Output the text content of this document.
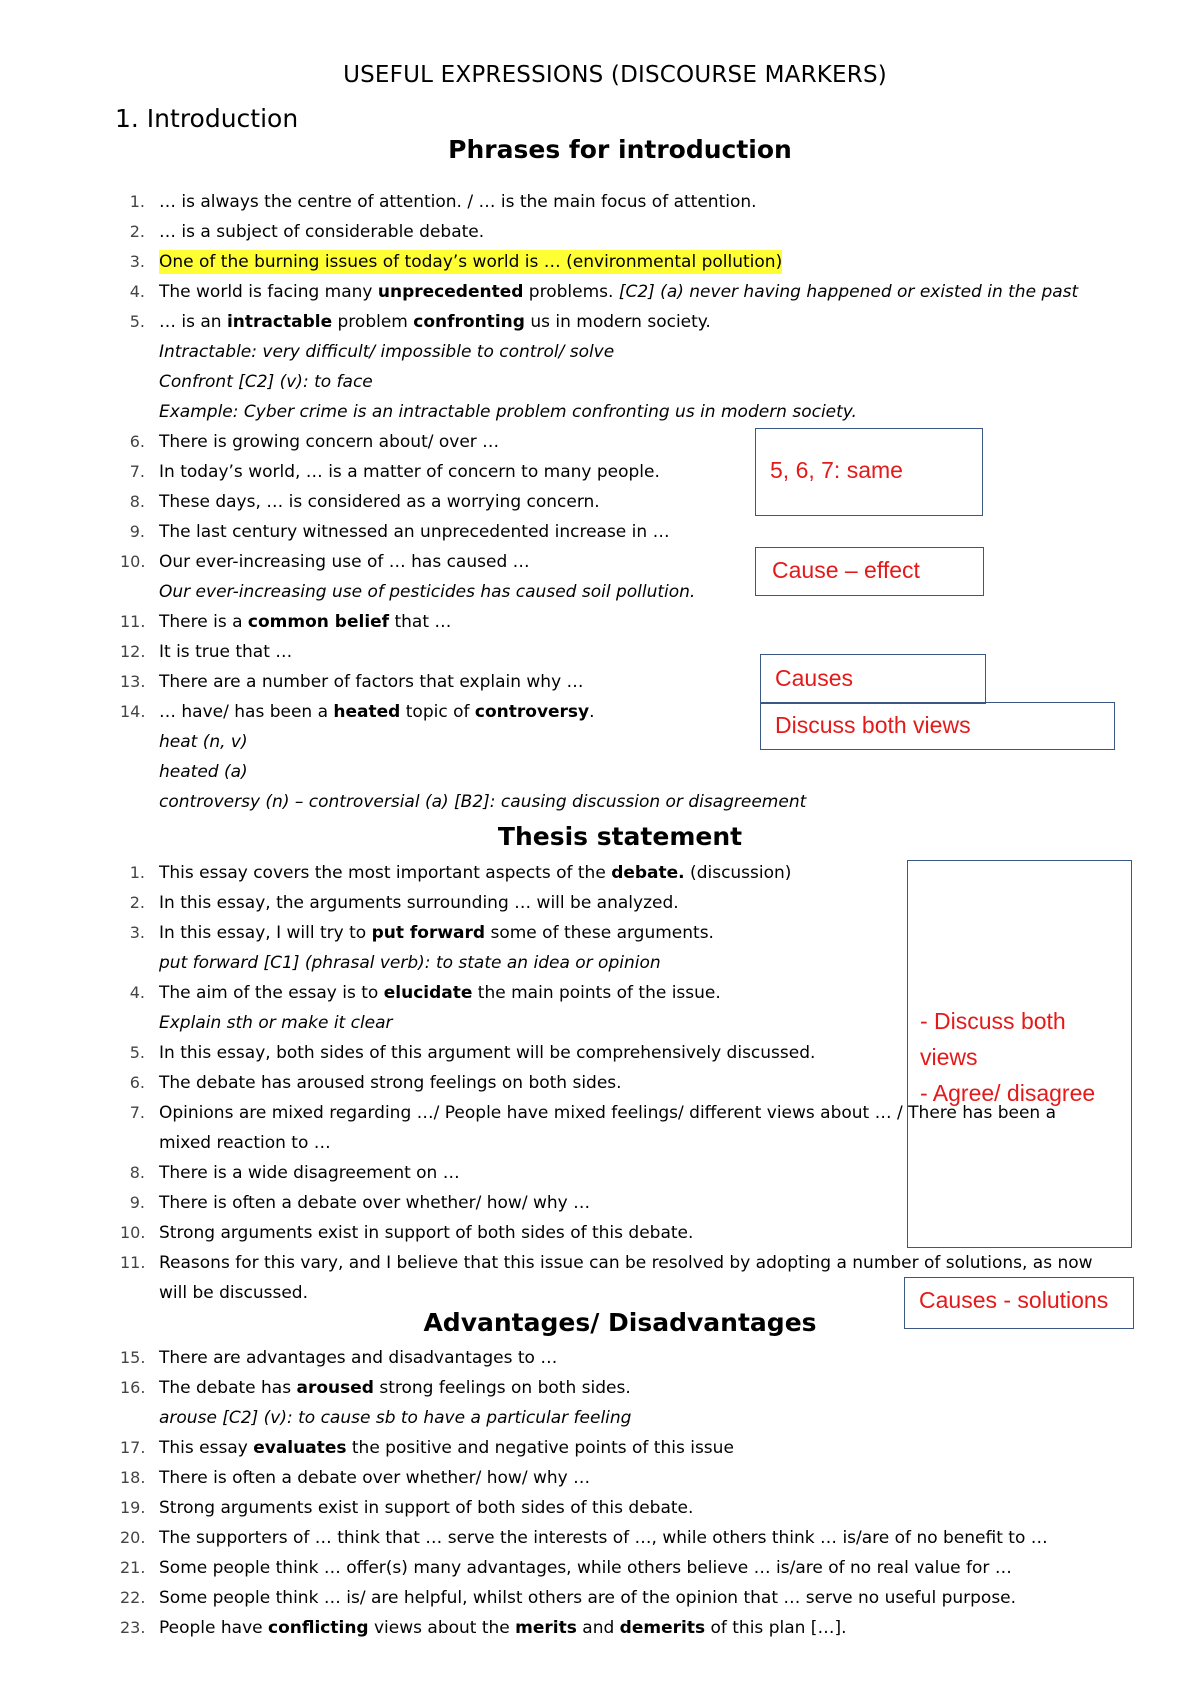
USEFUL EXPRESSIONS (DISCOURSE MARKERS)
1. Introduction
Phrases for introduction
1. … is always the centre of attention. / … is the main focus of attention.
2. … is a subject of considerable debate.
3. One of the burning issues of today’s world is … (environmental pollution)
4. The world is facing many unprecedented problems. [C2] (a) never having happened or existed in the past
5. … is an intractable problem confronting us in modern society.
Intractable: very difficult/ impossible to control/ solve
Confront [C2] (v): to face
Example: Cyber crime is an intractable problem confronting us in modern society.
6. There is growing concern about/ over …
7. In today’s world, … is a matter of concern to many people.
8. These days, … is considered as a worrying concern.
9. The last century witnessed an unprecedented increase in …
10. Our ever-increasing use of … has caused …
Our ever-increasing use of pesticides has caused soil pollution.
11. There is a common belief that …
12. It is true that …
13. There are a number of factors that explain why …
14. … have/ has been a heated topic of controversy.
heat (n, v)
heated (a)
controversy (n) – controversial (a) [B2]: causing discussion or disagreement
Thesis statement
1. This essay covers the most important aspects of the debate. (discussion)
2. In this essay, the arguments surrounding … will be analyzed.
3. In this essay, I will try to put forward some of these arguments.
put forward [C1] (phrasal verb): to state an idea or opinion
4. The aim of the essay is to elucidate the main points of the issue.
Explain sth or make it clear
5. In this essay, both sides of this argument will be comprehensively discussed.
6. The debate has aroused strong feelings on both sides.
7. Opinions are mixed regarding …/ People have mixed feelings/ different views about … / There has been a
mixed reaction to …
8. There is a wide disagreement on …
9. There is often a debate over whether/ how/ why …
10. Strong arguments exist in support of both sides of this debate.
11. Reasons for this vary, and I believe that this issue can be resolved by adopting a number of solutions, as now
will be discussed.
Advantages/ Disadvantages
15. There are advantages and disadvantages to …
16. The debate has aroused strong feelings on both sides.
arouse [C2] (v): to cause sb to have a particular feeling
17. This essay evaluates the positive and negative points of this issue
18. There is often a debate over whether/ how/ why …
19. Strong arguments exist in support of both sides of this debate.
20. The supporters of … think that … serve the interests of …, while others think … is/are of no benefit to …
21. Some people think … offer(s) many advantages, while others believe … is/are of no real value for …
22. Some people think … is/ are helpful, whilst others are of the opinion that … serve no useful purpose.
23. People have conflicting views about the merits and demerits of this plan […].
5, 6, 7: same
Cause – effect
Causes
Discuss both views
- Discuss both
views
- Agree/ disagree
Causes - solutions
